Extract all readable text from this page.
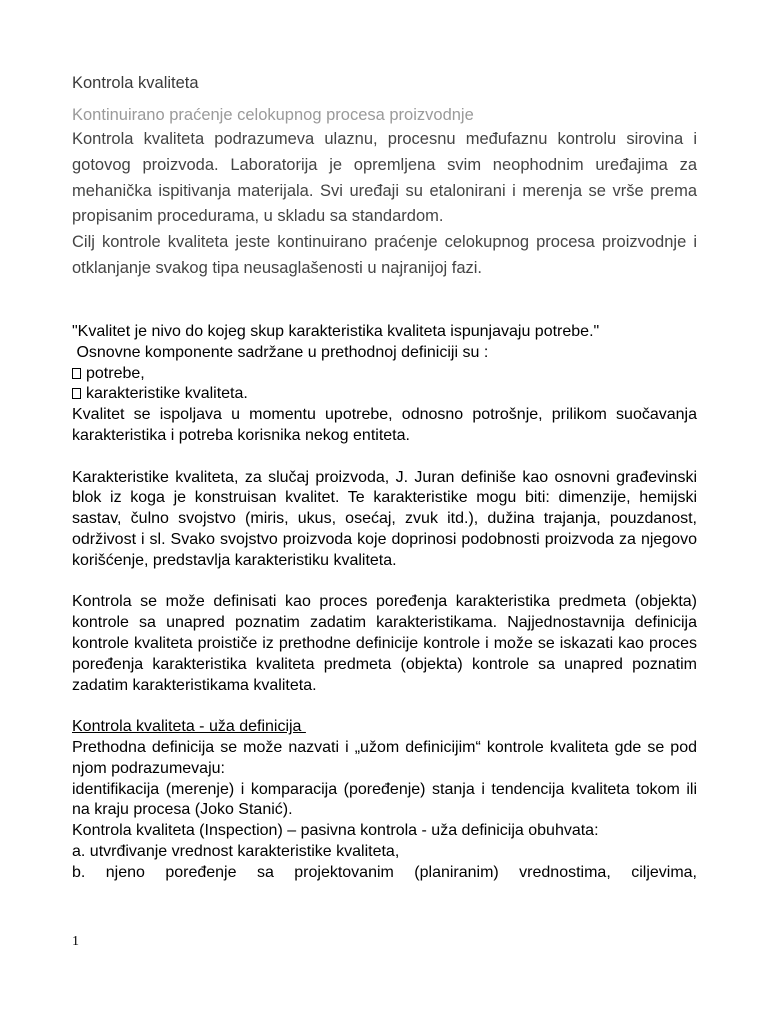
Kontrola kvaliteta
Kontinuirano praćenje celokupnog procesa proizvodnje

Kontrola kvaliteta podrazumeva ulaznu, procesnu međufaznu kontrolu sirovina i gotovog proizvoda. Laboratorija je opremljena svim neophodnim uređajima za mehanička ispitivanja materijala. Svi uređaji su etalonirani i merenja se vrše prema propisanim procedurama, u skladu sa standardom.

Cilj kontrole kvaliteta jeste kontinuirano praćenje celokupnog procesa proizvodnje i otklanjanje svakog tipa neusaglašenosti u najranijoj fazi.

"Kvalitet je nivo do kojeg skup karakteristika kvaliteta ispunjavaju potrebe."

Osnovne komponente sadržane u prethodnoj definiciji su :

potrebe,

karakteristike kvaliteta.

Kvalitet se ispoljava u momentu upotrebe, odnosno potrošnje, prilikom suočavanja karakteristika i potreba korisnika nekog entiteta.

Karakteristike kvaliteta, za slučaj proizvoda, J. Juran definiše kao osnovni građevinski blok iz koga je konstruisan kvalitet. Te karakteristike mogu biti: dimenzije, hemijski sastav, čulno svojstvo (miris, ukus, osećaj, zvuk itd.), dužina trajanja, pouzdanost, održivost i sl. Svako svojstvo proizvoda koje doprinosi podobnosti proizvoda za njegovo korišćenje, predstavlja karakteristiku kvaliteta.

Kontrola se može definisati kao proces poređenja karakteristika predmeta (objekta) kontrole sa unapred poznatim zadatim karakteristikama. Najjednostavnija definicija kontrole kvaliteta proističe iz prethodne definicije kontrole i može se iskazati kao proces poređenja karakteristika kvaliteta predmeta (objekta) kontrole sa unapred poznatim zadatim karakteristikama kvaliteta.

Kontrola kvaliteta - uža definicija

Prethodna definicija se može nazvati i „užom definicijim“ kontrole kvaliteta gde se pod njom podrazumevaju:

identifikacija (merenje) i komparacija (poređenje) stanja i tendencija kvaliteta tokom ili na kraju procesa (Joko Stanić).

Kontrola kvaliteta (Inspection) – pasivna kontrola - uža definicija obuhvata:

a. utvrđivanje vrednost karakteristike kvaliteta,

b. njeno poređenje sa projektovanim (planiranim) vrednostima, ciljevima,

1
